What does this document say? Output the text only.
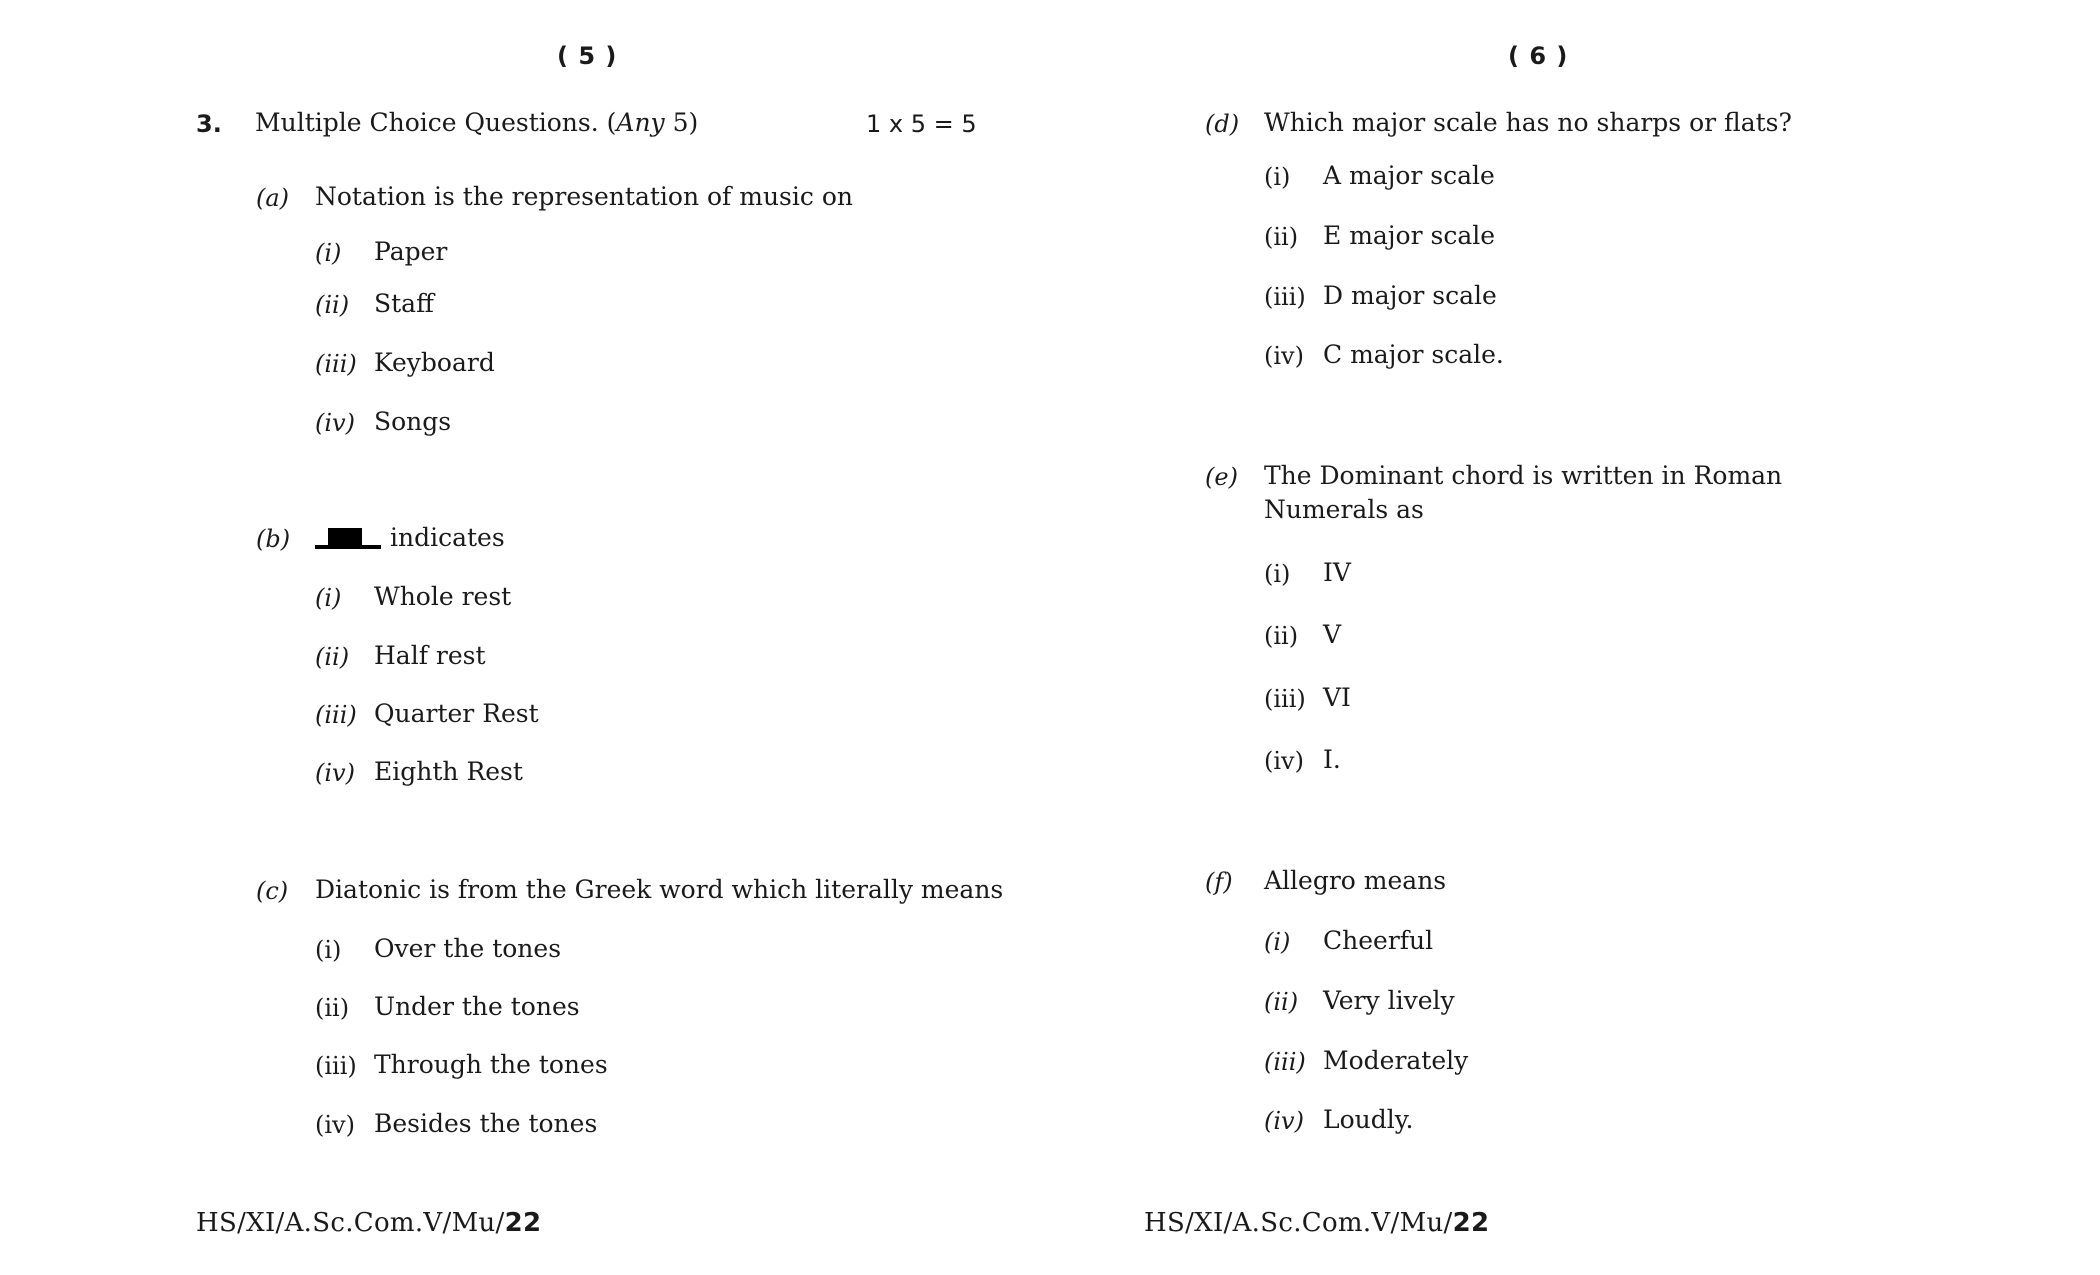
( 5 )
3. Multiple Choice Questions. (Any 5)	1 x 5 = 5
(a) Notation is the representation of music on
(i) Paper
(ii) Staff
(iii) Keyboard
(iv) Songs
(b)	indicates
(i) Whole rest
(ii) Half rest
(iii) Quarter Rest
(iv) Eighth Rest
(c) Diatonic is from the Greek word which literally means
(i) Over the tones
(ii) Under the tones
(iii) Through the tones
(iv) Besides the tones
HS/XI/A.Sc.Com.V/Mu/22
( 6 )
(d) Which major scale has no sharps or flats?
(i) A major scale
(ii) E major scale
(iii) D major scale
(iv) C major scale.
(e) The Dominant chord is written in Roman Numerals as
(i) IV
(ii) V
(iii) VI
(iv) I.
(f) Allegro means
(i) Cheerful
(ii) Very lively
(iii) Moderately
(iv) Loudly.
HS/XI/A.Sc.Com.V/Mu/22
